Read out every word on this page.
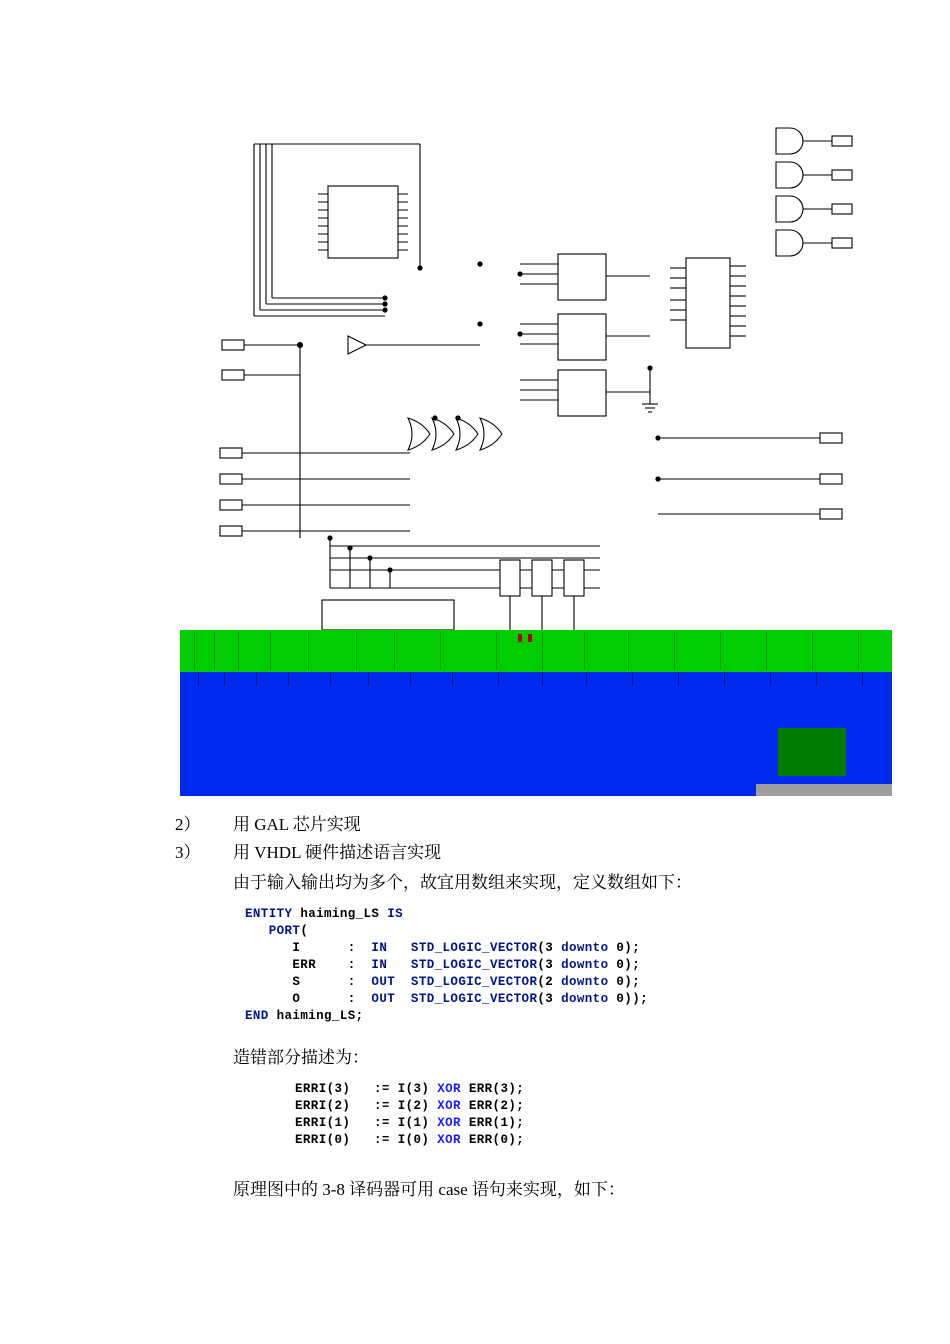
2）	用 GAL 芯片实现
3）	用 VHDL 硬件描述语言实现
由于输入输出均为多个，故宜用数组来实现，定义数组如下：
ENTITY haiming_LS IS
PORT(
I      :  IN   STD_LOGIC_VECTOR(3 downto 0);
ERR    :  IN   STD_LOGIC_VECTOR(3 downto 0);
S      :  OUT  STD_LOGIC_VECTOR(2 downto 0);
O      :  OUT  STD_LOGIC_VECTOR(3 downto 0));
END haiming_LS;
造错部分描述为：
ERRI(3)   := I(3) XOR ERR(3);
ERRI(2)   := I(2) XOR ERR(2);
ERRI(1)   := I(1) XOR ERR(1);
ERRI(0)   := I(0) XOR ERR(0);
原理图中的 3-8 译码器可用 case 语句来实现，如下：
